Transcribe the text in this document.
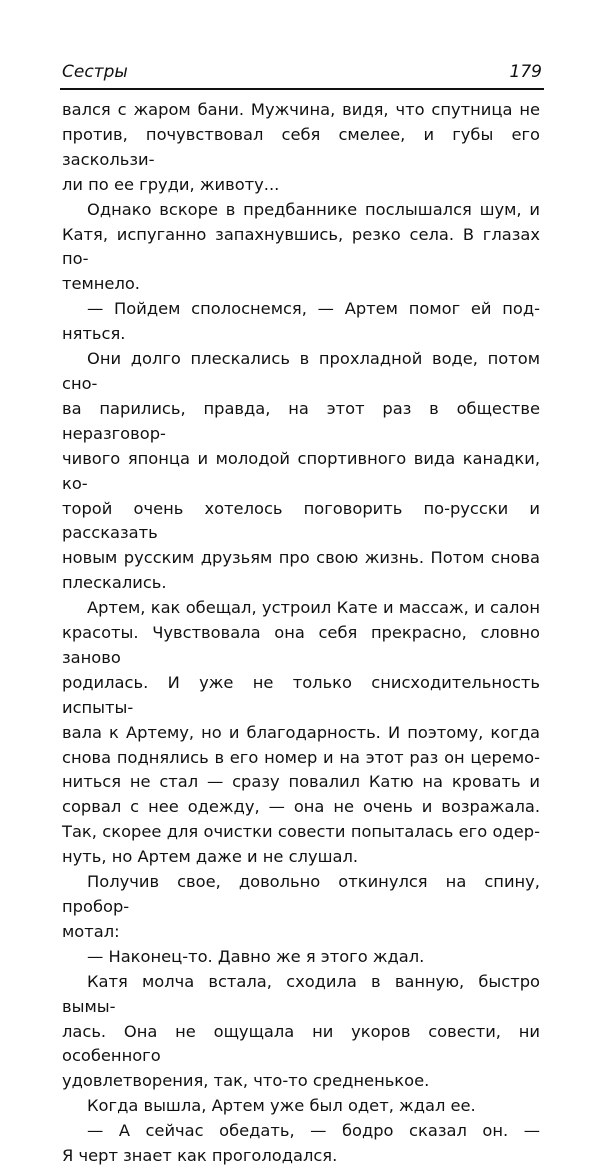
Сестры	179

вался с жаром бани. Мужчина, видя, что спутница не
против, почувствовал себя смелее, и губы его заскользи-
ли по ее груди, животу...

Однако вскоре в предбаннике послышался шум, и
Катя, испуганно запахнувшись, резко села. В глазах по-
темнело.

— Пойдем сполоснемся, — Артем помог ей под-
няться.

Они долго плескались в прохладной воде, потом сно-
ва парились, правда, на этот раз в обществе неразговор-
чивого японца и молодой спортивного вида канадки, ко-
торой очень хотелось поговорить по-русски и рассказать
новым русским друзьям про свою жизнь. Потом снова
плескались.

Артем, как обещал, устроил Кате и массаж, и салон
красоты. Чувствовала она себя прекрасно, словно заново
родилась. И уже не только снисходительность испыты-
вала к Артему, но и благодарность. И поэтому, когда
снова поднялись в его номер и на этот раз он церемо-
ниться не стал — сразу повалил Катю на кровать и
сорвал с нее одежду, — она не очень и возражала.
Так, скорее для очистки совести попыталась его одер-
нуть, но Артем даже и не слушал.

Получив свое, довольно откинулся на спину, пробор-
мотал:

— Наконец-то. Давно же я этого ждал.

Катя молча встала, сходила в ванную, быстро вымы-
лась. Она не ощущала ни укоров совести, ни особенного
удовлетворения, так, что-то средненькое.

Когда вышла, Артем уже был одет, ждал ее.

— А сейчас обедать, — бодро сказал он. —
Я черт знает как проголодался.
